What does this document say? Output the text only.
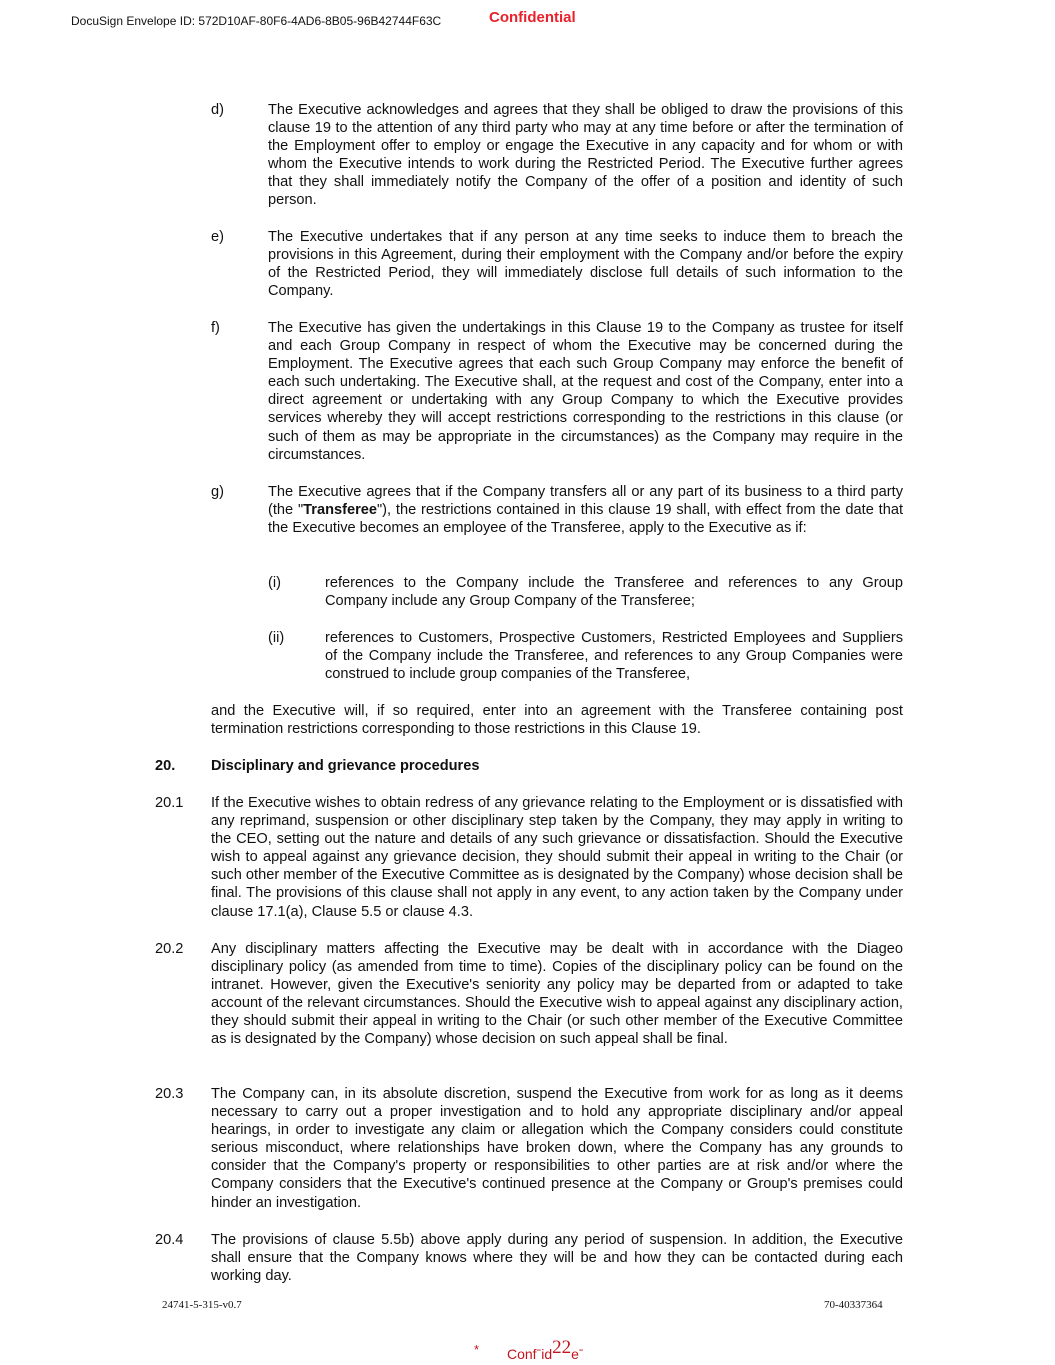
DocuSign Envelope ID: 572D10AF-80F6-4AD6-8B05-96B42744F63C	Confidential
d)	The Executive acknowledges and agrees that they shall be obliged to draw the provisions of this clause 19 to the attention of any third party who may at any time before or after the termination of the Employment offer to employ or engage the Executive in any capacity and for whom or with whom the Executive intends to work during the Restricted Period. The Executive further agrees that they shall immediately notify the Company of the offer of a position and identity of such person.
e)	The Executive undertakes that if any person at any time seeks to induce them to breach the provisions in this Agreement, during their employment with the Company and/or before the expiry of the Restricted Period, they will immediately disclose full details of such information to the Company.
f)	The Executive has given the undertakings in this Clause 19 to the Company as trustee for itself and each Group Company in respect of whom the Executive may be concerned during the Employment. The Executive agrees that each such Group Company may enforce the benefit of each such undertaking. The Executive shall, at the request and cost of the Company, enter into a direct agreement or undertaking with any Group Company to which the Executive provides services whereby they will accept restrictions corresponding to the restrictions in this clause (or such of them as may be appropriate in the circumstances) as the Company may require in the circumstances.
g)	The Executive agrees that if the Company transfers all or any part of its business to a third party (the "Transferee"), the restrictions contained in this clause 19 shall, with effect from the date that the Executive becomes an employee of the Transferee, apply to the Executive as if:
(i)	references to the Company include the Transferee and references to any Group Company include any Group Company of the Transferee;
(ii)	references to Customers, Prospective Customers, Restricted Employees and Suppliers of the Company include the Transferee, and references to any Group Companies were construed to include group companies of the Transferee,
and the Executive will, if so required, enter into an agreement with the Transferee containing post termination restrictions corresponding to those restrictions in this Clause 19.
20. Disciplinary and grievance procedures
20.1 If the Executive wishes to obtain redress of any grievance relating to the Employment or is dissatisfied with any reprimand, suspension or other disciplinary step taken by the Company, they may apply in writing to the CEO, setting out the nature and details of any such grievance or dissatisfaction. Should the Executive wish to appeal against any grievance decision, they should submit their appeal in writing to the Chair (or such other member of the Executive Committee as is designated by the Company) whose decision shall be final. The provisions of this clause shall not apply in any event, to any action taken by the Company under clause 17.1(a), Clause 5.5 or clause 4.3.
20.2 Any disciplinary matters affecting the Executive may be dealt with in accordance with the Diageo disciplinary policy (as amended from time to time). Copies of the disciplinary policy can be found on the intranet. However, given the Executive's seniority any policy may be departed from or adapted to take account of the relevant circumstances. Should the Executive wish to appeal against any disciplinary action, they should submit their appeal in writing to the Chair (or such other member of the Executive Committee as is designated by the Company) whose decision on such appeal shall be final.
20.3 The Company can, in its absolute discretion, suspend the Executive from work for as long as it deems necessary to carry out a proper investigation and to hold any appropriate disciplinary and/or appeal hearings, in order to investigate any claim or allegation which the Company considers could constitute serious misconduct, where relationships have broken down, where the Company has any grounds to consider that the Company's property or responsibilities to other parties are at risk and/or where the Company considers that the Executive's continued presence at the Company or Group's premises could hinder an investigation.
20.4 The provisions of clause 5.5b) above apply during any period of suspension. In addition, the Executive shall ensure that the Company knows where they will be and how they can be contacted during each working day.
24741-5-315-v0.7	70-40337364
* Confˉid22eˉ
